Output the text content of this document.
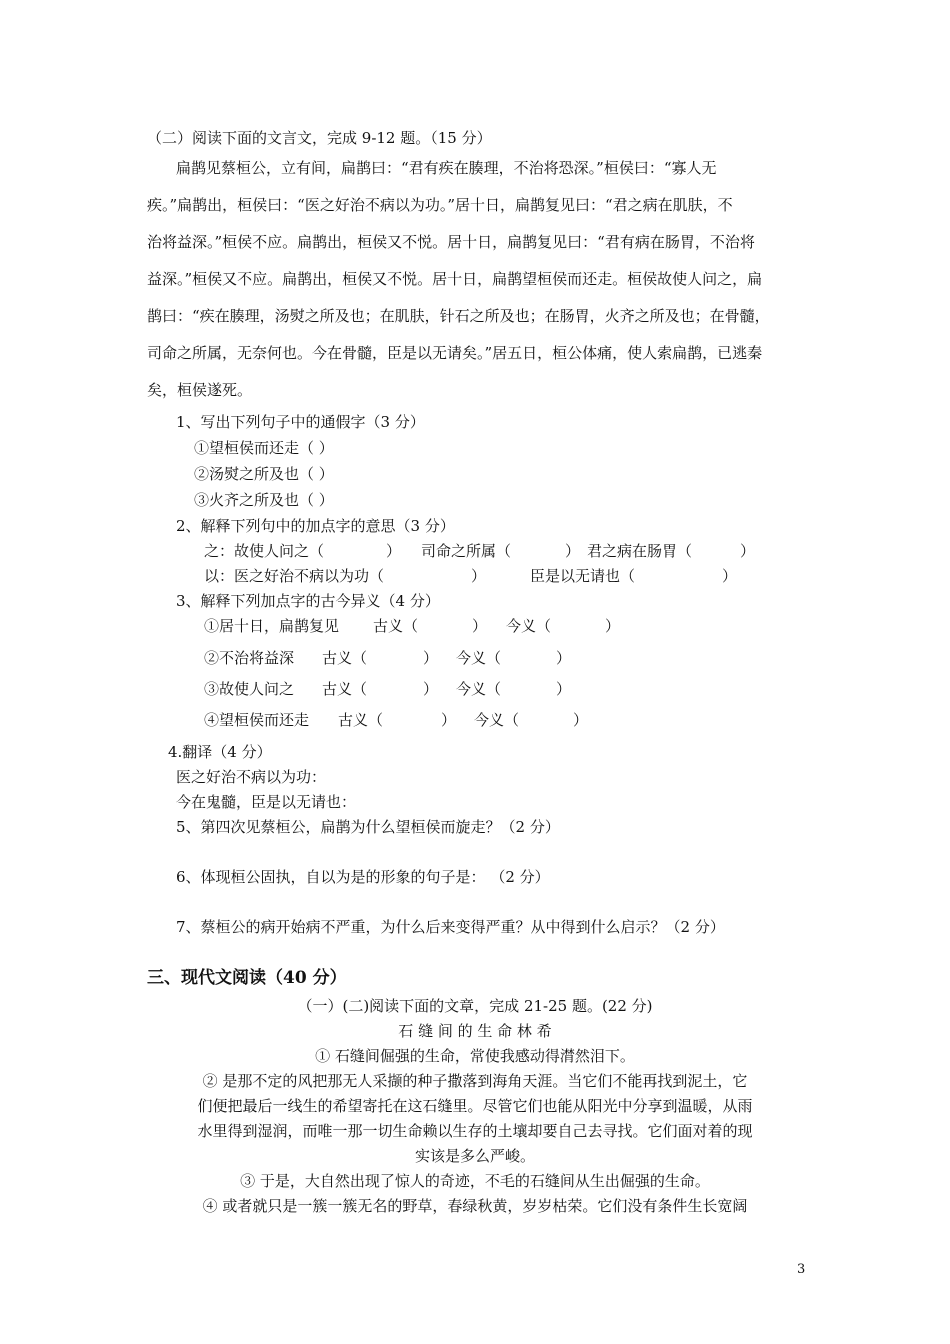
（二）阅读下面的文言文，完成 9-12 题。（15 分）
扁鹊见蔡桓公，立有间，扁鹊曰：“君有疾在腠理，不治将恐深。”桓侯曰：“寡人无
疾。”扁鹊出，桓侯曰：“医之好治不病以为功。”居十日，扁鹊复见曰：“君之病在肌肤，不
治将益深。”桓侯不应。扁鹊出，桓侯又不悦。居十日，扁鹊复见曰：“君有病在肠胃，不治将
益深。”桓侯又不应。扁鹊出，桓侯又不悦。居十日，扁鹊望桓侯而还走。桓侯故使人问之，扁
鹊曰：“疾在腠理，汤熨之所及也；在肌肤，针石之所及也；在肠胃，火齐之所及也；在骨髓，
司命之所属，无奈何也。今在骨髓，臣是以无请矣。”居五日，桓公体痛，使人索扁鹊，已逃秦
矣，桓侯遂死。
1、写出下列句子中的通假字（3 分）
①望桓侯而还走（ ）
②汤熨之所及也（ ）
③火齐之所及也（ ）
2、解释下列句中的加点字的意思（3 分）
之：故使人问之（	） 司命之所属（	） 君之病在肠胃（	）
以：医之好治不病以为功（	）	臣是以无请也（	）
3、解释下列加点字的古今异义（4 分）
①居十日，扁鹊复见 古义（	） 今义（	）
②不治将益深 古义（	） 今义（	）
③故使人问之 古义（	） 今义（	）
④望桓侯而还走 古义（	） 今义（	）
4.翻译（4 分）
医之好治不病以为功：
今在鬼髓，臣是以无请也：
5、第四次见蔡桓公，扁鹊为什么望桓侯而旋走？（2 分）
6、体现桓公固执，自以为是的形象的句子是： （2 分）
7、蔡桓公的病开始病不严重，为什么后来变得严重？从中得到什么启示？（2 分）
三、现代文阅读（40 分）
（一）(二)阅读下面的文章，完成 21-25 题。(22 分)
石 缝 间 的 生 命 林 希
① 石缝间倔强的生命，常使我感动得潸然泪下。
② 是那不定的风把那无人采撷的种子撒落到海角天涯。当它们不能再找到泥土，它
们便把最后一线生的希望寄托在这石缝里。尽管它们也能从阳光中分享到温暖，从雨
水里得到湿润，而唯一那一切生命赖以生存的土壤却要自己去寻找。它们面对着的现
实该是多么严峻。
③ 于是，大自然出现了惊人的奇迹，不毛的石缝间从生出倔强的生命。
④ 或者就只是一簇一簇无名的野草，春绿秋黄，岁岁枯荣。它们没有条件生长宽阔
3
